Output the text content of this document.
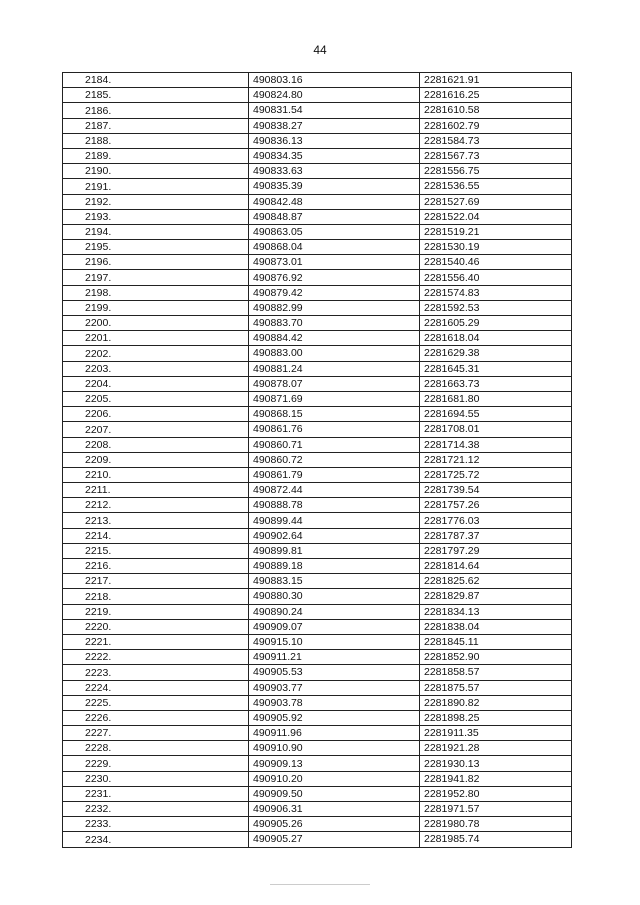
44
2184.	490803.16	2281621.91
2185.	490824.80	2281616.25
2186.	490831.54	2281610.58
2187.	490838.27	2281602.79
2188.	490836.13	2281584.73
2189.	490834.35	2281567.73
2190.	490833.63	2281556.75
2191.	490835.39	2281536.55
2192.	490842.48	2281527.69
2193.	490848.87	2281522.04
2194.	490863.05	2281519.21
2195.	490868.04	2281530.19
2196.	490873.01	2281540.46
2197.	490876.92	2281556.40
2198.	490879.42	2281574.83
2199.	490882.99	2281592.53
2200.	490883.70	2281605.29
2201.	490884.42	2281618.04
2202.	490883.00	2281629.38
2203.	490881.24	2281645.31
2204.	490878.07	2281663.73
2205.	490871.69	2281681.80
2206.	490868.15	2281694.55
2207.	490861.76	2281708.01
2208.	490860.71	2281714.38
2209.	490860.72	2281721.12
2210.	490861.79	2281725.72
2211.	490872.44	2281739.54
2212.	490888.78	2281757.26
2213.	490899.44	2281776.03
2214.	490902.64	2281787.37
2215.	490899.81	2281797.29
2216.	490889.18	2281814.64
2217.	490883.15	2281825.62
2218.	490880.30	2281829.87
2219.	490890.24	2281834.13
2220.	490909.07	2281838.04
2221.	490915.10	2281845.11
2222.	490911.21	2281852.90
2223.	490905.53	2281858.57
2224.	490903.77	2281875.57
2225.	490903.78	2281890.82
2226.	490905.92	2281898.25
2227.	490911.96	2281911.35
2228.	490910.90	2281921.28
2229.	490909.13	2281930.13
2230.	490910.20	2281941.82
2231.	490909.50	2281952.80
2232.	490906.31	2281971.57
2233.	490905.26	2281980.78
2234.	490905.27	2281985.74
